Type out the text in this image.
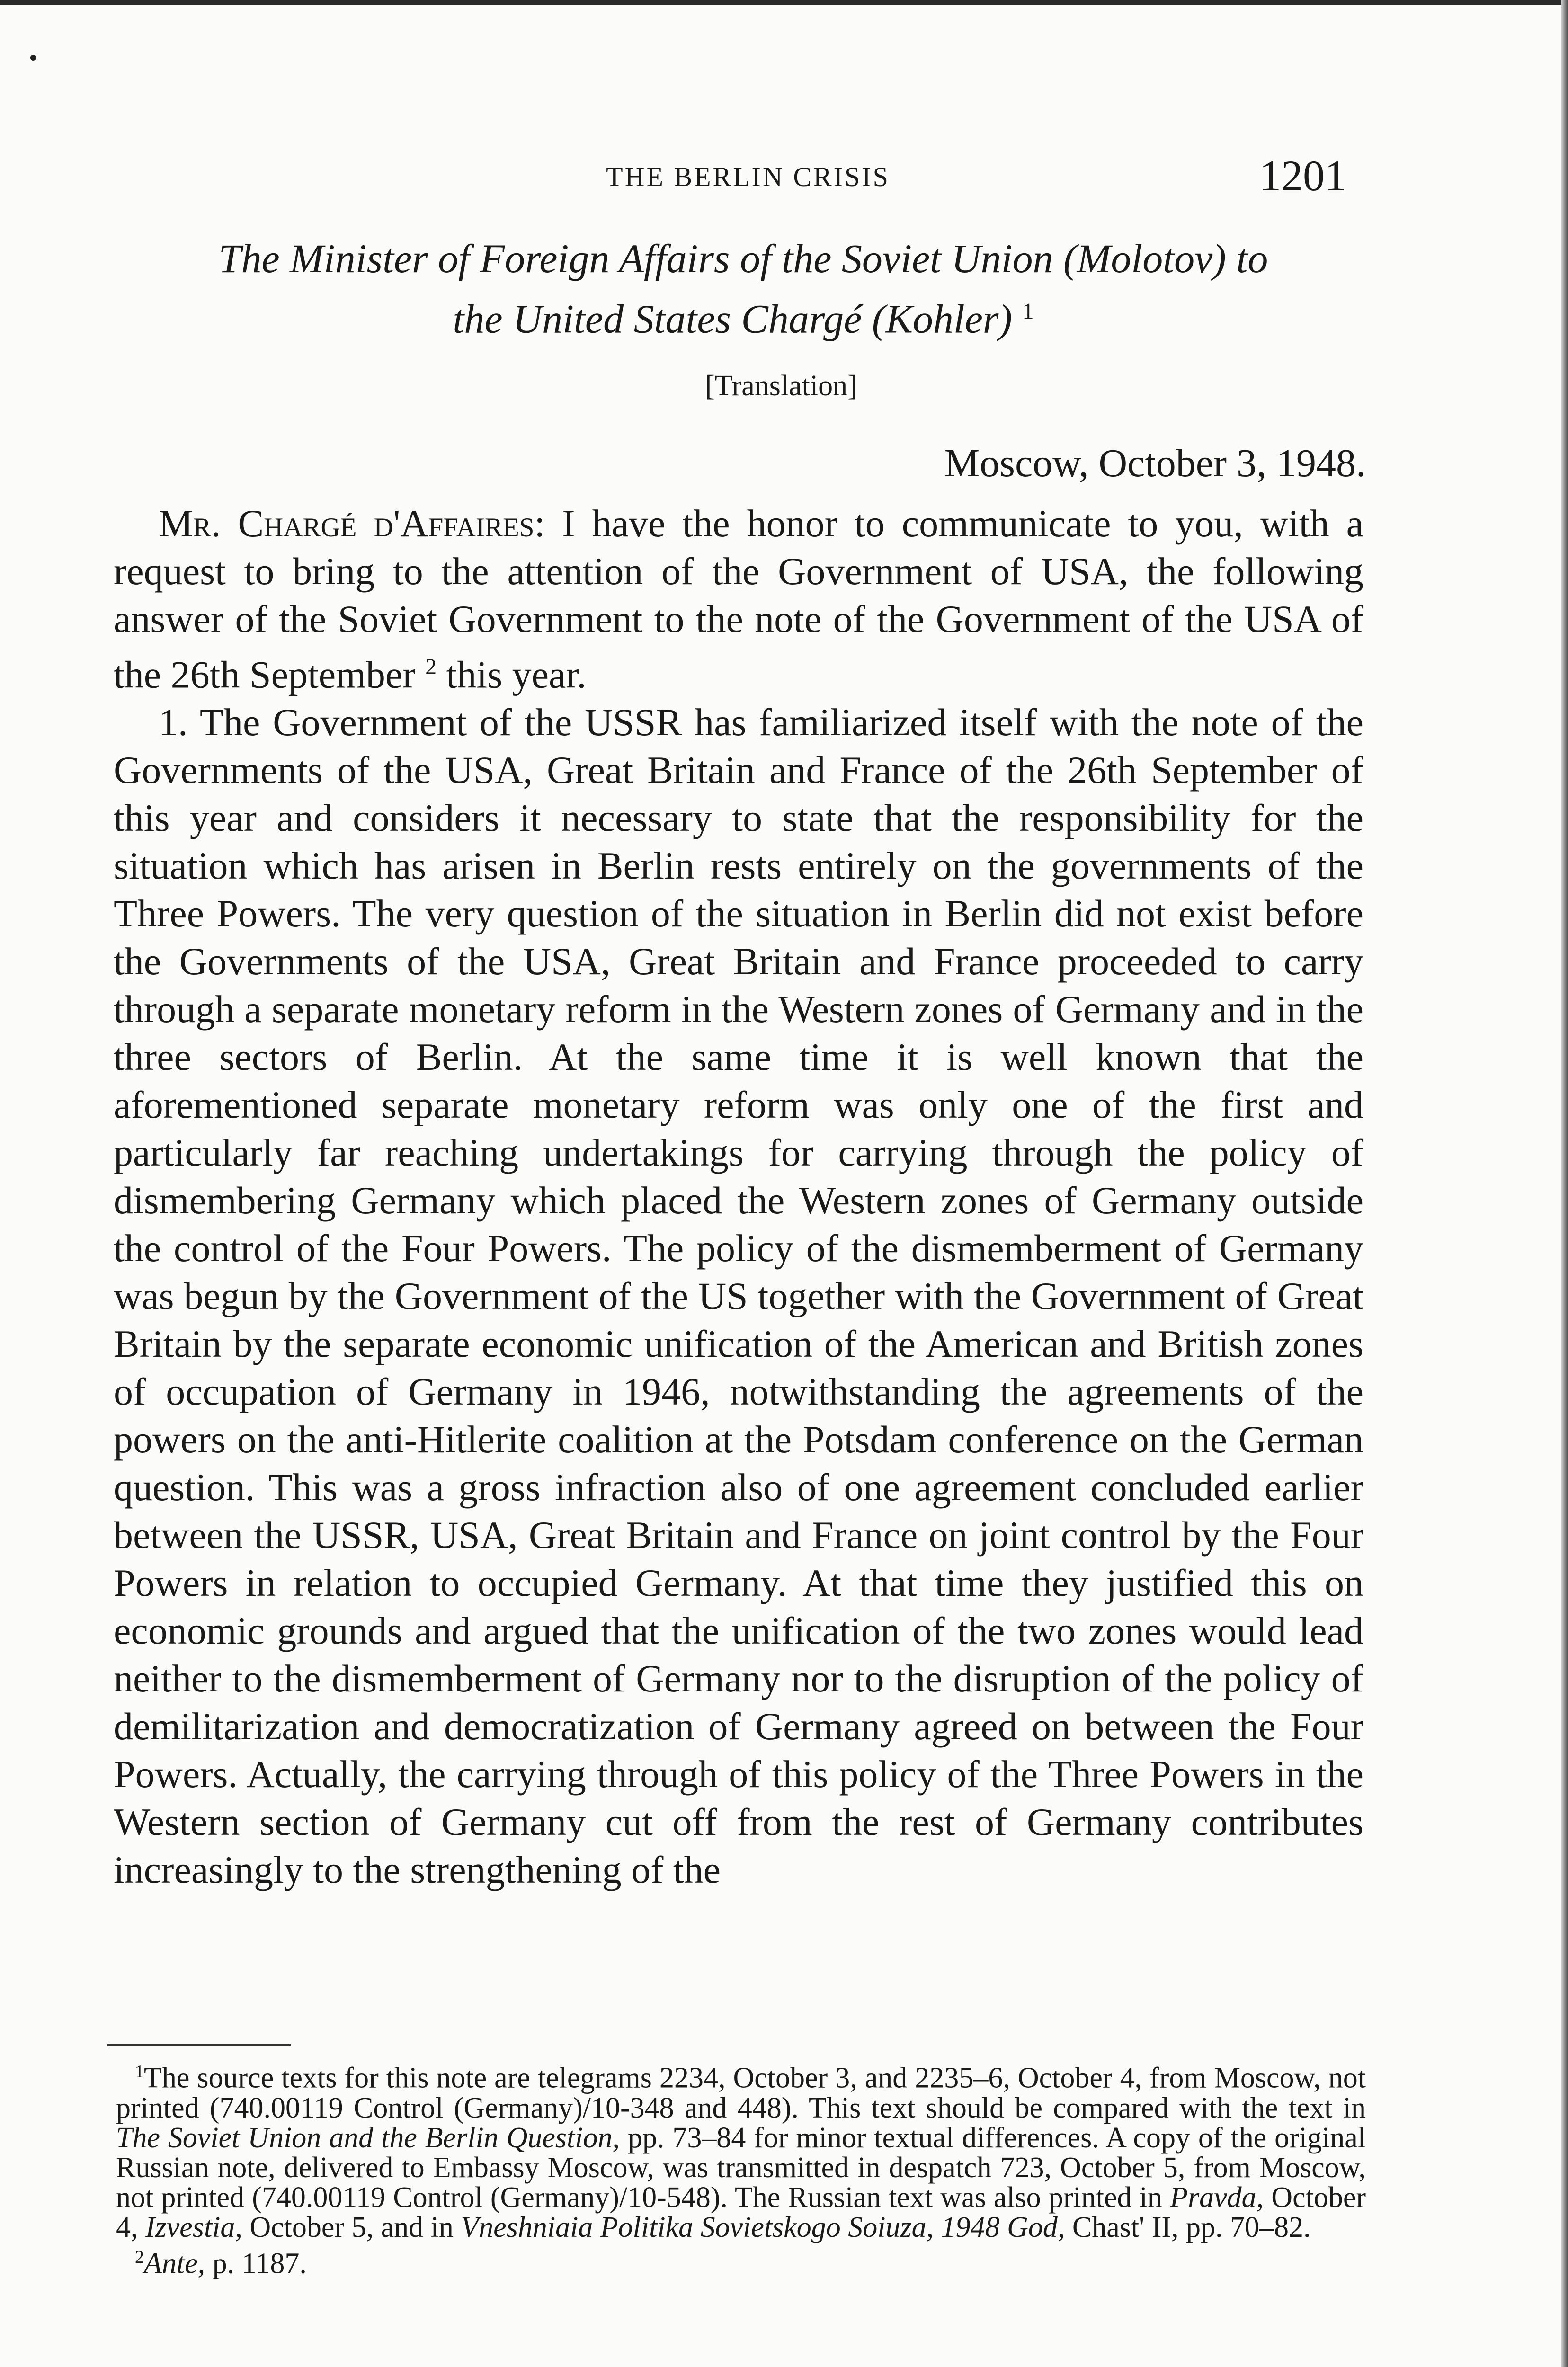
THE BERLIN CRISIS	1201
The Minister of Foreign Affairs of the Soviet Union (Molotov) to
the United States Chargé (Kohler) $^1$
[Translation]
Moscow, October 3, 1948.

Mr. Chargé d'Affaires: I have the honor to communicate to you, with a request to bring to the attention of the Government of USA, the following answer of the Soviet Government to the note of the Government of the USA of the 26th September $^2$ this year.

1. The Government of the USSR has familiarized itself with the note of the Governments of the USA, Great Britain and France of the 26th September of this year and considers it necessary to state that the responsibility for the situation which has arisen in Berlin rests entirely on the governments of the Three Powers. The very question of the situation in Berlin did not exist before the Governments of the USA, Great Britain and France proceeded to carry through a separate monetary reform in the Western zones of Germany and in the three sectors of Berlin. At the same time it is well known that the aforementioned separate monetary reform was only one of the first and particularly far reaching undertakings for carrying through the policy of dismembering Germany which placed the Western zones of Germany outside the control of the Four Powers. The policy of the dismemberment of Germany was begun by the Government of the US together with the Government of Great Britain by the separate economic unification of the American and British zones of occupation of Germany in 1946, notwithstanding the agreements of the powers on the anti-Hitlerite coalition at the Potsdam conference on the German question. This was a gross infraction also of one agreement concluded earlier between the USSR, USA, Great Britain and France on joint control by the Four Powers in relation to occupied Germany. At that time they justified this on economic grounds and argued that the unification of the two zones would lead neither to the dismemberment of Germany nor to the disruption of the policy of demilitarization and democratization of Germany agreed on between the Four Powers. Actually, the carrying through of this policy of the Three Powers in the Western section of Germany cut off from the rest of Germany contributes increasingly to the strengthening of the

$^1$The source texts for this note are telegrams 2234, October 3, and 2235–6, October 4, from Moscow, not printed (740.00119 Control (Germany)/10-348 and 448). This text should be compared with the text in The Soviet Union and the Berlin Question, pp. 73–84 for minor textual differences. A copy of the original Russian note, delivered to Embassy Moscow, was transmitted in despatch 723, October 5, from Moscow, not printed (740.00119 Control (Germany)/10-548). The Russian text was also printed in Pravda, October 4, Izvestia, October 5, and in Vneshniaia Politika Sovietskogo Soiuza, 1948 God, Chast' II, pp. 70–82.

$^2$Ante, p. 1187.
